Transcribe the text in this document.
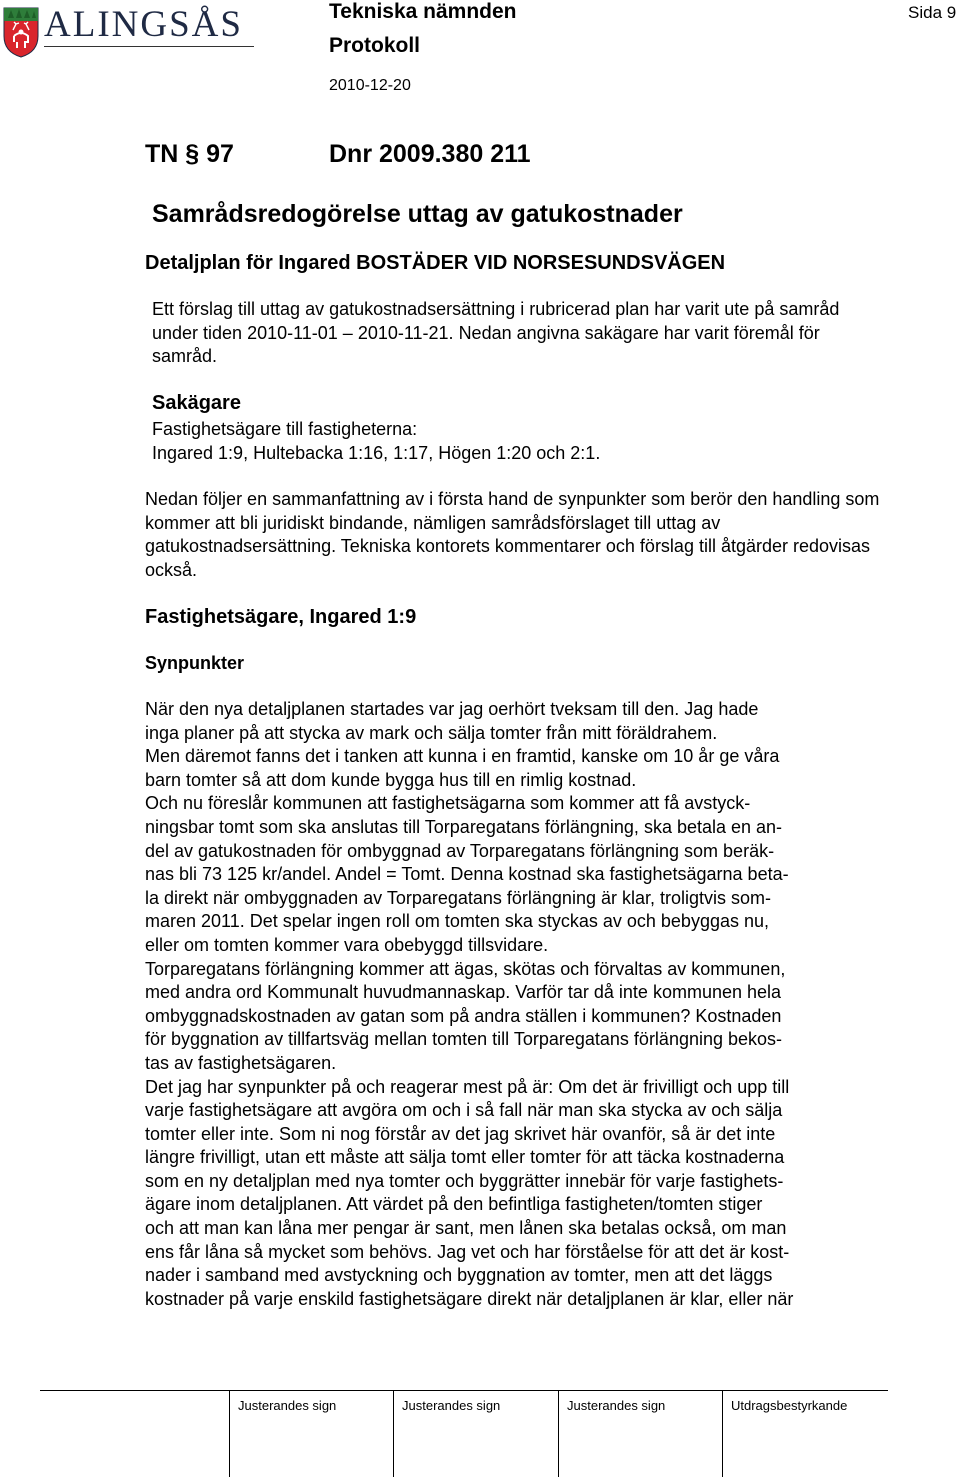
ALINGSÅS	Tekniska nämnden
Protokoll
2010-12-20
Sida 9
TN § 97	Dnr 2009.380 211
Samrådsredogörelse uttag av gatukostnader
Detaljplan för Ingared BOSTÄDER VID NORSESUNDSVÄGEN

Ett förslag till uttag av gatukostnadsersättning i rubricerad plan har varit ute på samråd under tiden 2010-11-01 – 2010-11-21. Nedan angivna sakägare har varit föremål för samråd.

Sakägare
Fastighetsägare till fastigheterna:
Ingared 1:9, Hultebacka 1:16, 1:17, Högen 1:20 och 2:1.

Nedan följer en sammanfattning av i första hand de synpunkter som berör den handling som kommer att bli juridiskt bindande, nämligen samrådsförslaget till uttag av gatukostnadsersättning. Tekniska kontorets kommentarer och förslag till åtgärder redovisas också.

Fastighetsägare, Ingared 1:9
Synpunkter
När den nya detaljplanen startades var jag oerhört tveksam till den. Jag hade
inga planer på att stycka av mark och sälja tomter från mitt föräldrahem.
Men däremot fanns det i tanken att kunna i en framtid, kanske om 10 år ge våra
barn tomter så att dom kunde bygga hus till en rimlig kostnad.
Och nu föreslår kommunen att fastighetsägarna som kommer att få avstyck-
ningsbar tomt som ska anslutas till Torparegatans förlängning, ska betala en an-
del av gatukostnaden för ombyggnad av Torparegatans förlängning som beräk-
nas bli 73 125 kr/andel. Andel = Tomt. Denna kostnad ska fastighetsägarna beta-
la direkt när ombyggnaden av Torparegatans förlängning är klar, troligtvis som-
maren 2011. Det spelar ingen roll om tomten ska styckas av och bebyggas nu,
eller om tomten kommer vara obebyggd tillsvidare.
Torparegatans förlängning kommer att ägas, skötas och förvaltas av kommunen,
med andra ord Kommunalt huvudmannaskap. Varför tar då inte kommunen hela
ombyggnadskostnaden av gatan som på andra ställen i kommunen? Kostnaden
för byggnation av tillfartsväg mellan tomten till Torparegatans förlängning bekos-
tas av fastighetsägaren.
Det jag har synpunkter på och reagerar mest på är: Om det är frivilligt och upp till
varje fastighetsägare att avgöra om och i så fall när man ska stycka av och sälja
tomter eller inte. Som ni nog förstår av det jag skrivet här ovanför, så är det inte
längre frivilligt, utan ett måste att sälja tomt eller tomter för att täcka kostnaderna
som en ny detaljplan med nya tomter och byggrätter innebär för varje fastighets-
ägare inom detaljplanen. Att värdet på den befintliga fastigheten/tomten stiger
och att man kan låna mer pengar är sant, men lånen ska betalas också, om man
ens får låna så mycket som behövs. Jag vet och har förståelse för att det är kost-
nader i samband med avstyckning och byggnation av tomter, men att det läggs
kostnader på varje enskild fastighetsägare direkt när detaljplanen är klar, eller när
Justerandes sign	Justerandes sign	Justerandes sign	Utdragsbestyrkande
